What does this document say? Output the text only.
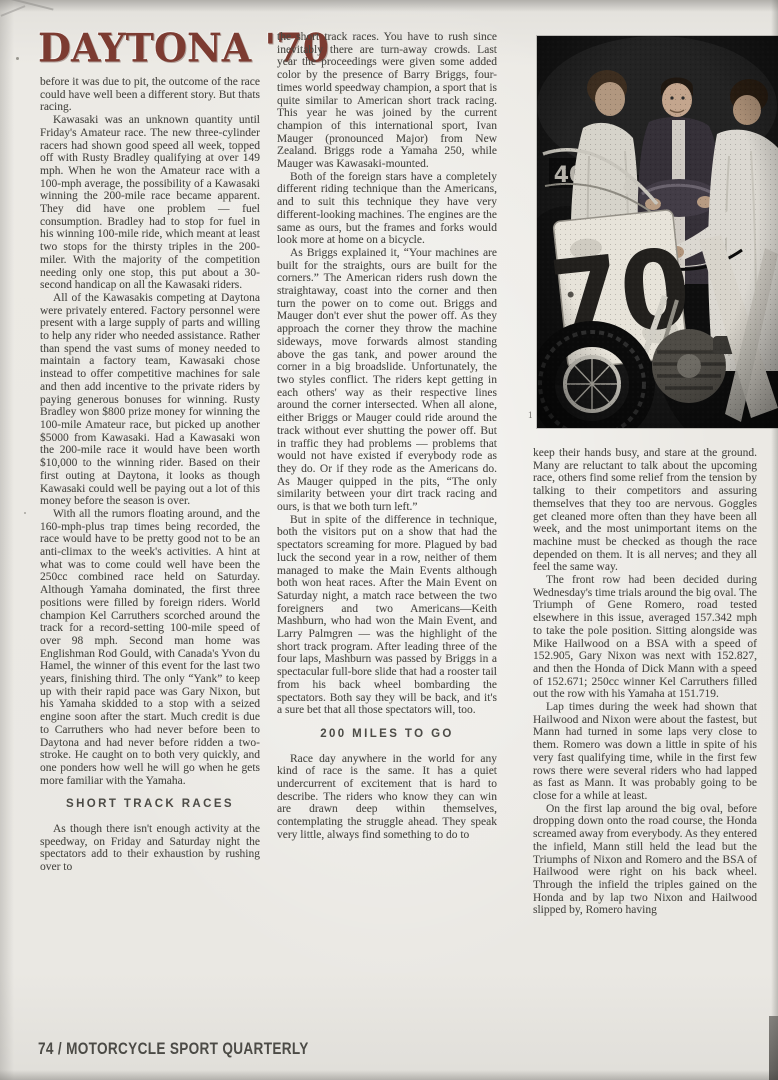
DAYTONA '70

before it was due to pit, the outcome of the race could have well been a different story. But thats racing.

Kawasaki was an unknown quantity until Friday's Amateur race. The new three-cylinder racers had shown good speed all week, topped off with Rusty Bradley qualifying at over 149 mph. When he won the Amateur race with a 100-mph average, the possibility of a Kawasaki winning the 200-mile race became apparent. They did have one problem — fuel consumption. Bradley had to stop for fuel in his winning 100-mile ride, which meant at least two stops for the thirsty triples in the 200-miler. With the majority of the competition needing only one stop, this put about a 30-second handicap on all the Kawasaki riders.

All of the Kawasakis competing at Daytona were privately entered. Factory personnel were present with a large supply of parts and willing to help any rider who needed assistance. Rather than spend the vast sums of money needed to maintain a factory team, Kawasaki chose instead to offer competitive machines for sale and then add incentive to the private riders by paying generous bonuses for winning. Rusty Bradley won $800 prize money for winning the 100-mile Amateur race, but picked up another $5000 from Kawasaki. Had a Kawasaki won the 200-mile race it would have been worth $10,000 to the winning rider. Based on their first outing at Daytona, it looks as though Kawasaki could well be paying out a lot of this money before the season is over.

With all the rumors floating around, and the 160-mph-plus trap times being recorded, the race would have to be pretty good not to be an anti-climax to the week's activities. A hint at what was to come could well have been the 250cc combined race held on Saturday. Although Yamaha dominated, the first three positions were filled by foreign riders. World champion Kel Carruthers scorched around the track for a record-setting 100-mile speed of over 98 mph. Second man home was Englishman Rod Gould, with Canada's Yvon du Hamel, the winner of this event for the last two years, finishing third. The only “Yank” to keep up with their rapid pace was Gary Nixon, but his Yamaha skidded to a stop with a seized engine soon after the start. Much credit is due to Carruthers who had never before been to Daytona and had never before ridden a two-stroke. He caught on to both very quickly, and one ponders how well he will go when he gets more familiar with the Yamaha.

SHORT TRACK RACES

As though there isn't enough activity at the speedway, on Friday and Saturday night the spectators add to their exhaustion by rushing over to

the short track races. You have to rush since inevitably there are turn-away crowds. Last year the proceedings were given some added color by the presence of Barry Briggs, four-times world speedway champion, a sport that is quite similar to American short track racing. This year he was joined by the current champion of this international sport, Ivan Mauger (pronounced Major) from New Zealand. Briggs rode a Yamaha 250, while Mauger was Kawasaki-mounted.

Both of the foreign stars have a completely different riding technique than the Americans, and to suit this technique they have very different-looking machines. The engines are the same as ours, but the frames and forks would look more at home on a bicycle.

As Briggs explained it, “Your machines are built for the straights, ours are built for the corners.” The American riders rush down the straightaway, coast into the corner and then turn the power on to come out. Briggs and Mauger don't ever shut the power off. As they approach the corner they throw the machine sideways, move forwards almost standing above the gas tank, and power around the corner in a big broadslide. Unfortunately, the two styles conflict. The riders kept getting in each others' way as their respective lines around the corner intersected. When all alone, either Briggs or Mauger could ride around the track without ever shutting the power off. But in traffic they had problems — problems that would not have existed if everybody rode as they do. Or if they rode as the Americans do. As Mauger quipped in the pits, “The only similarity between your dirt track racing and ours, is that we both turn left.”

But in spite of the difference in technique, both the visitors put on a show that had the spectators screaming for more. Plagued by bad luck the second year in a row, neither of them managed to make the Main Events although both won heat races. After the Main Event on Saturday night, a match race between the two foreigners and two Americans—Keith Mashburn, who had won the Main Event, and Larry Palmgren — was the highlight of the short track program. After leading three of the four laps, Mashburn was passed by Briggs in a spectacular full-bore slide that had a rooster tail from his back wheel bombarding the spectators. Both say they will be back, and it's a sure bet that all those spectators will, too.

200 MILES TO GO

Race day anywhere in the world for any kind of race is the same. It has a quiet undercurrent of excitement that is hard to describe. The riders who know they can win are drawn deep within themselves, contemplating the struggle ahead. They speak very little, always find something to do to

1

keep their hands busy, and stare at the ground. Many are reluctant to talk about the upcoming race, others find some relief from the tension by talking to their competitors and assuring themselves that they too are nervous. Goggles get cleaned more often than they have been all week, and the most unimportant items on the machine must be checked as though the race depended on them. It is all nerves; and they all feel the same way.

The front row had been decided during Wednesday's time trials around the big oval. The Triumph of Gene Romero, road tested elsewhere in this issue, averaged 157.342 mph to take the pole position. Sitting alongside was Mike Hailwood on a BSA with a speed of 152.905, Gary Nixon was next with 152.827, and then the Honda of Dick Mann with a speed of 152.671; 250cc winner Kel Carruthers filled out the row with his Yamaha at 151.719.

Lap times during the week had shown that Hailwood and Nixon were about the fastest, but Mann had turned in some laps very close to them. Romero was down a little in spite of his very fast qualifying time, while in the first few rows there were several riders who had lapped as fast as Mann. It was probably going to be close for a while at least.

On the first lap around the big oval, before dropping down onto the road course, the Honda screamed away from everybody. As they entered the infield, Mann still held the lead but the Triumphs of Nixon and Romero and the BSA of Hailwood were right on his back wheel. Through the infield the triples gained on the Honda and by lap two Nixon and Hailwood slipped by, Romero having

74 / MOTORCYCLE SPORT QUARTERLY
